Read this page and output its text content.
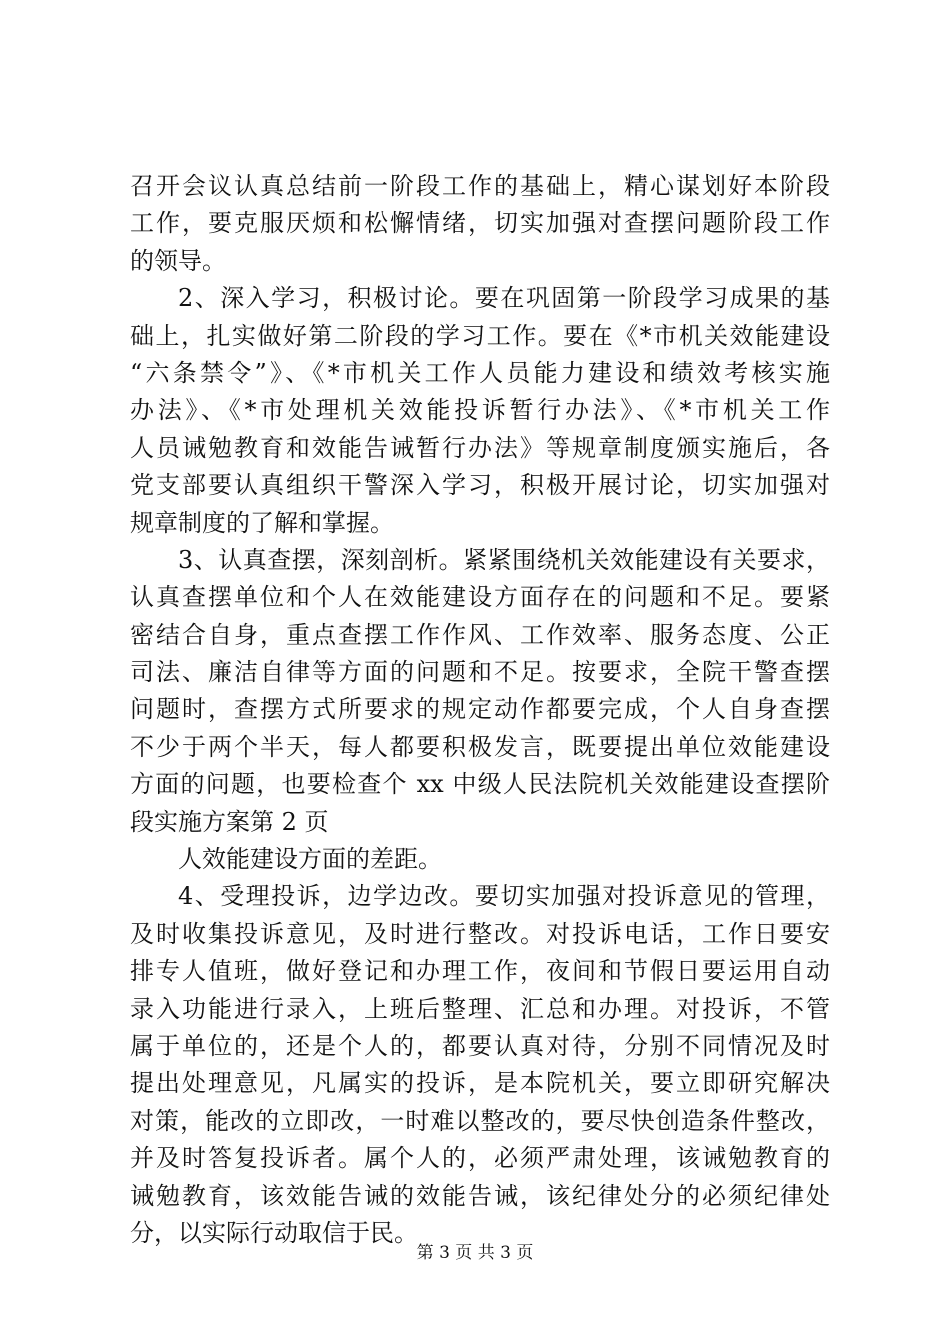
召开会议认真总结前一阶段工作的基础上，精心谋划好本阶段
工作，要克服厌烦和松懈情绪，切实加强对查摆问题阶段工作
的领导。
2、深入学习，积极讨论。要在巩固第一阶段学习成果的基
础上，扎实做好第二阶段的学习工作。要在《*市机关效能建设
“六条禁令”》、《*市机关工作人员能力建设和绩效考核实施
办法》、《*市处理机关效能投诉暂行办法》、《*市机关工作
人员诫勉教育和效能告诫暂行办法》等规章制度颁实施后，各
党支部要认真组织干警深入学习，积极开展讨论，切实加强对
规章制度的了解和掌握。
3、认真查摆，深刻剖析。紧紧围绕机关效能建设有关要求，
认真查摆单位和个人在效能建设方面存在的问题和不足。要紧
密结合自身，重点查摆工作作风、工作效率、服务态度、公正
司法、廉洁自律等方面的问题和不足。按要求，全院干警查摆
问题时，查摆方式所要求的规定动作都要完成，个人自身查摆
不少于两个半天，每人都要积极发言，既要提出单位效能建设
方面的问题，也要检查个 xx 中级人民法院机关效能建设查摆阶
段实施方案第 2 页
人效能建设方面的差距。
4、受理投诉，边学边改。要切实加强对投诉意见的管理，
及时收集投诉意见，及时进行整改。对投诉电话，工作日要安
排专人值班，做好登记和办理工作，夜间和节假日要运用自动
录入功能进行录入，上班后整理、汇总和办理。对投诉，不管
属于单位的，还是个人的，都要认真对待，分别不同情况及时
提出处理意见，凡属实的投诉，是本院机关，要立即研究解决
对策，能改的立即改，一时难以整改的，要尽快创造条件整改，
并及时答复投诉者。属个人的，必须严肃处理，该诫勉教育的
诫勉教育，该效能告诫的效能告诫，该纪律处分的必须纪律处
分，以实际行动取信于民。
第 3 页 共 3 页
